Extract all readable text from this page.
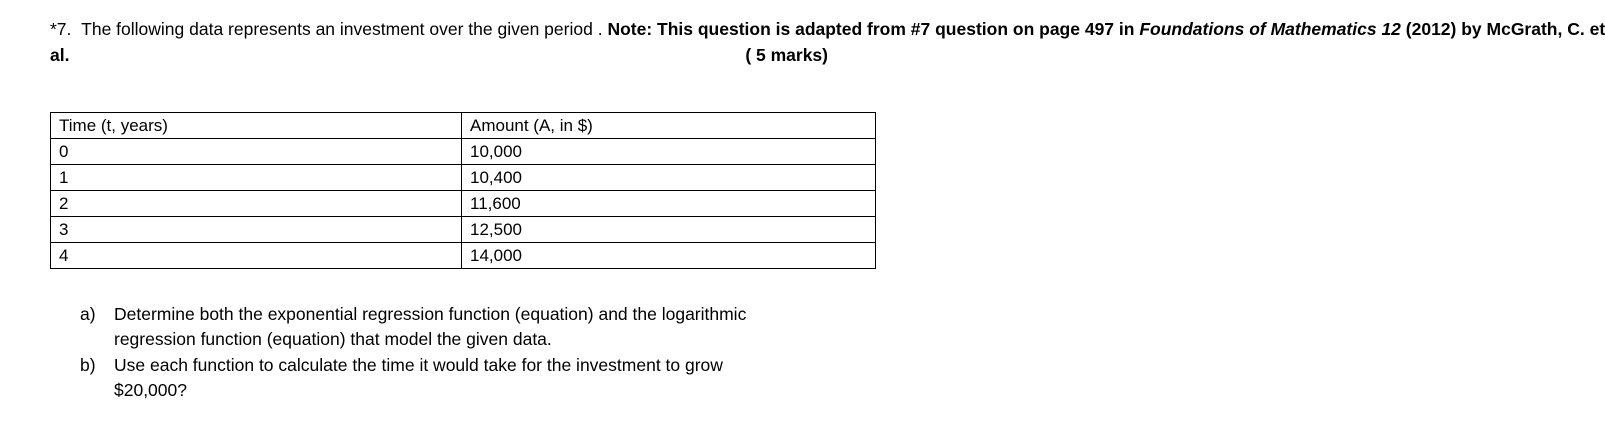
*7. The following data represents an investment over the given period . Note: This question is adapted from #7 question on page 497 in Foundations of Mathematics 12 (2012) by McGrath, C. et
al.	( 5 marks)
Time (t, years)	Amount (A, in $)
0	10,000
1	10,400
2	11,600
3	12,500
4	14,000
a)	Determine both the exponential regression function (equation) and the logarithmic
regression function (equation) that model the given data.
b)	Use each function to calculate the time it would take for the investment to grow
$20,000?
